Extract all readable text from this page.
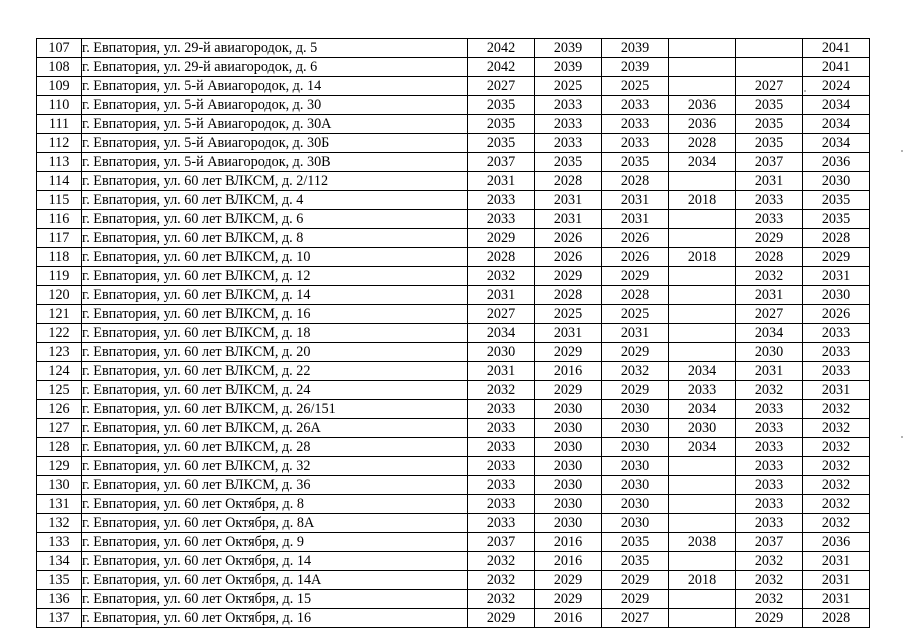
107	г. Евпатория, ул. 29-й авиагородок, д. 5	2042	2039	2039			2041
108	г. Евпатория, ул. 29-й авиагородок, д. 6	2042	2039	2039			2041
109	г. Евпатория, ул. 5-й Авиагородок, д. 14	2027	2025	2025		2027	2024
110	г. Евпатория, ул. 5-й Авиагородок, д. 30	2035	2033	2033	2036	2035	2034
111	г. Евпатория, ул. 5-й Авиагородок, д. 30А	2035	2033	2033	2036	2035	2034
112	г. Евпатория, ул. 5-й Авиагородок, д. 30Б	2035	2033	2033	2028	2035	2034
113	г. Евпатория, ул. 5-й Авиагородок, д. 30В	2037	2035	2035	2034	2037	2036
114	г. Евпатория, ул. 60 лет ВЛКСМ, д. 2/112	2031	2028	2028		2031	2030
115	г. Евпатория, ул. 60 лет ВЛКСМ, д. 4	2033	2031	2031	2018	2033	2035
116	г. Евпатория, ул. 60 лет ВЛКСМ, д. 6	2033	2031	2031		2033	2035
117	г. Евпатория, ул. 60 лет ВЛКСМ, д. 8	2029	2026	2026		2029	2028
118	г. Евпатория, ул. 60 лет ВЛКСМ, д. 10	2028	2026	2026	2018	2028	2029
119	г. Евпатория, ул. 60 лет ВЛКСМ, д. 12	2032	2029	2029		2032	2031
120	г. Евпатория, ул. 60 лет ВЛКСМ, д. 14	2031	2028	2028		2031	2030
121	г. Евпатория, ул. 60 лет ВЛКСМ, д. 16	2027	2025	2025		2027	2026
122	г. Евпатория, ул. 60 лет ВЛКСМ, д. 18	2034	2031	2031		2034	2033
123	г. Евпатория, ул. 60 лет ВЛКСМ, д. 20	2030	2029	2029		2030	2033
124	г. Евпатория, ул. 60 лет ВЛКСМ, д. 22	2031	2016	2032	2034	2031	2033
125	г. Евпатория, ул. 60 лет ВЛКСМ, д. 24	2032	2029	2029	2033	2032	2031
126	г. Евпатория, ул. 60 лет ВЛКСМ, д. 26/151	2033	2030	2030	2034	2033	2032
127	г. Евпатория, ул. 60 лет ВЛКСМ, д. 26А	2033	2030	2030	2030	2033	2032
128	г. Евпатория, ул. 60 лет ВЛКСМ, д. 28	2033	2030	2030	2034	2033	2032
129	г. Евпатория, ул. 60 лет ВЛКСМ, д. 32	2033	2030	2030		2033	2032
130	г. Евпатория, ул. 60 лет ВЛКСМ, д. 36	2033	2030	2030		2033	2032
131	г. Евпатория, ул. 60 лет Октября, д. 8	2033	2030	2030		2033	2032
132	г. Евпатория, ул. 60 лет Октября, д. 8А	2033	2030	2030		2033	2032
133	г. Евпатория, ул. 60 лет Октября, д. 9	2037	2016	2035	2038	2037	2036
134	г. Евпатория, ул. 60 лет Октября, д. 14	2032	2016	2035		2032	2031
135	г. Евпатория, ул. 60 лет Октября, д. 14А	2032	2029	2029	2018	2032	2031
136	г. Евпатория, ул. 60 лет Октября, д. 15	2032	2029	2029		2032	2031
137	г. Евпатория, ул. 60 лет Октября, д. 16	2029	2016	2027		2029	2028
